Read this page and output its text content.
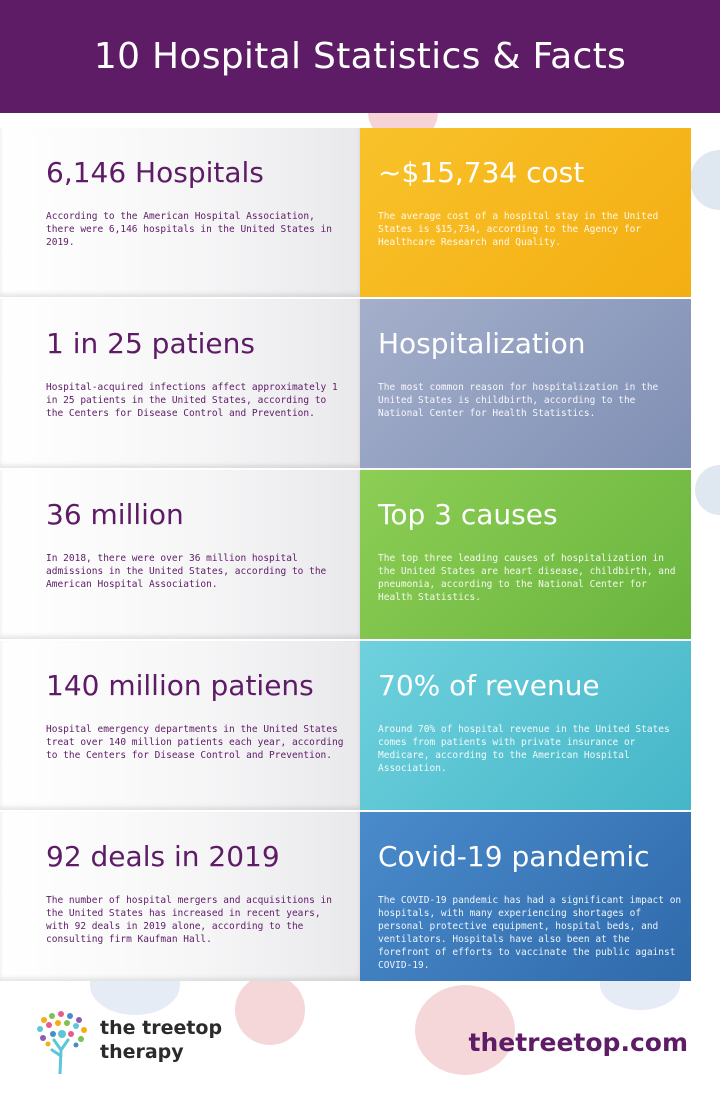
10 Hospital Statistics & Facts
6,146 Hospitals

According to the American Hospital Association, there were 6,146 hospitals in the United States in 2019.

~$15,734 cost

The average cost of a hospital stay in the United States is $15,734, according to the Agency for Healthcare Research and Quality.

1 in 25 patiens

Hospital-acquired infections affect approximately 1 in 25 patients in the United States, according to the Centers for Disease Control and Prevention.

Hospitalization

The most common reason for hospitalization in the United States is childbirth, according to the National Center for Health Statistics.

36 million

In 2018, there were over 36 million hospital admissions in the United States, according to the American Hospital Association.

Top 3 causes

The top three leading causes of hospitalization in the United States are heart disease, childbirth, and pneumonia, according to the National Center for Health Statistics.

140 million patiens

Hospital emergency departments in the United States treat over 140 million patients each year, according to the Centers for Disease Control and Prevention.

70% of revenue

Around 70% of hospital revenue in the United States comes from patients with private insurance or Medicare, according to the American Hospital Association.

92 deals in 2019

The number of hospital mergers and acquisitions in the United States has increased in recent years, with 92 deals in 2019 alone, according to the consulting firm Kaufman Hall.

Covid-19 pandemic

The COVID-19 pandemic has had a significant impact on hospitals, with many experiencing shortages of personal protective equipment, hospital beds, and ventilators. Hospitals have also been at the forefront of efforts to vaccinate the public against COVID-19.

the treetop
therapy	thetreetop.com
